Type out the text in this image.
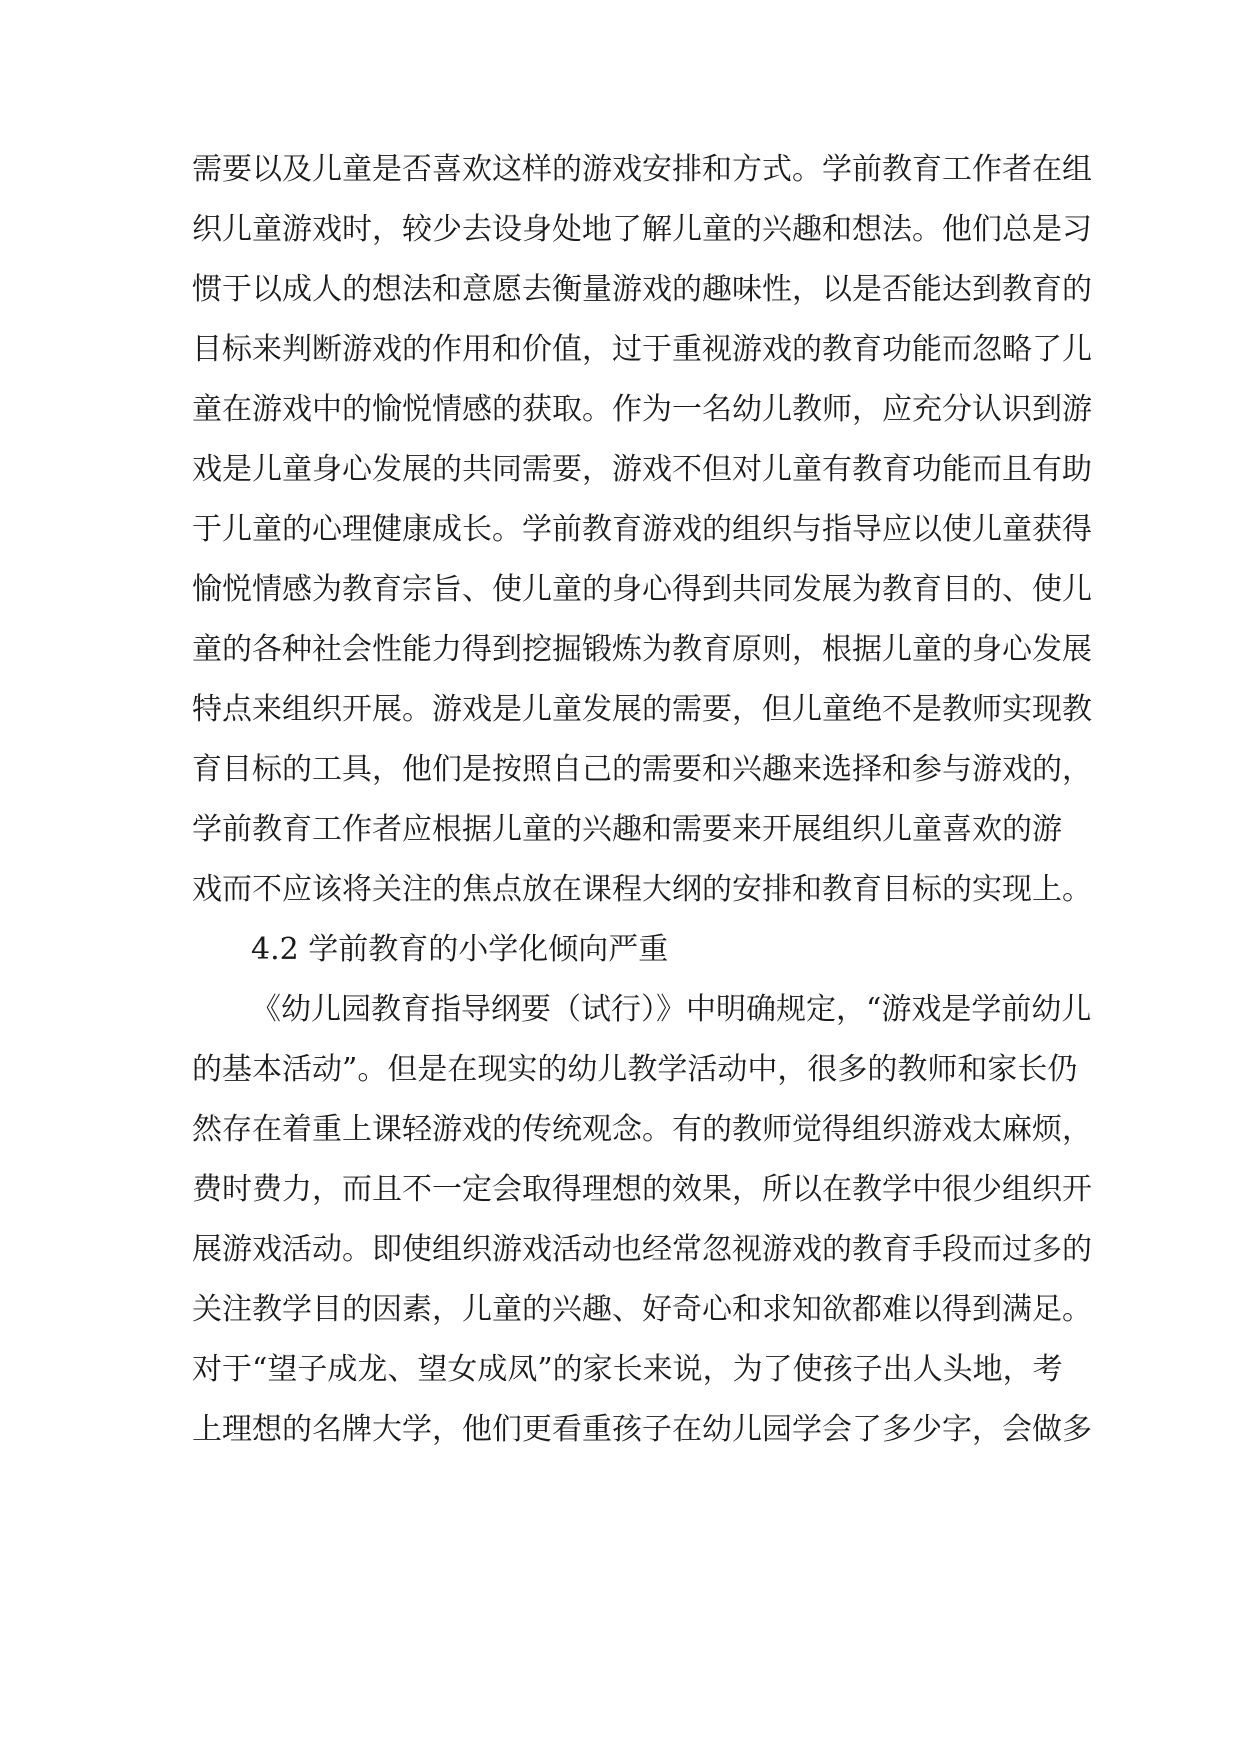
需要以及儿童是否喜欢这样的游戏安排和方式。学前教育工作者在组
织儿童游戏时，较少去设身处地了解儿童的兴趣和想法。他们总是习
惯于以成人的想法和意愿去衡量游戏的趣味性，以是否能达到教育的
目标来判断游戏的作用和价值，过于重视游戏的教育功能而忽略了儿
童在游戏中的愉悦情感的获取。作为一名幼儿教师，应充分认识到游
戏是儿童身心发展的共同需要，游戏不但对儿童有教育功能而且有助
于儿童的心理健康成长。学前教育游戏的组织与指导应以使儿童获得
愉悦情感为教育宗旨、使儿童的身心得到共同发展为教育目的、使儿
童的各种社会性能力得到挖掘锻炼为教育原则，根据儿童的身心发展
特点来组织开展。游戏是儿童发展的需要，但儿童绝不是教师实现教
育目标的工具，他们是按照自己的需要和兴趣来选择和参与游戏的，
学前教育工作者应根据儿童的兴趣和需要来开展组织儿童喜欢的游
戏而不应该将关注的焦点放在课程大纲的安排和教育目标的实现上。
4.2 学前教育的小学化倾向严重
《幼儿园教育指导纲要（试行）》中明确规定，“游戏是学前幼儿
的基本活动”。但是在现实的幼儿教学活动中，很多的教师和家长仍
然存在着重上课轻游戏的传统观念。有的教师觉得组织游戏太麻烦，
费时费力，而且不一定会取得理想的效果，所以在教学中很少组织开
展游戏活动。即使组织游戏活动也经常忽视游戏的教育手段而过多的
关注教学目的因素，儿童的兴趣、好奇心和求知欲都难以得到满足。
对于“望子成龙、望女成凤”的家长来说，为了使孩子出人头地，考
上理想的名牌大学，他们更看重孩子在幼儿园学会了多少字，会做多
